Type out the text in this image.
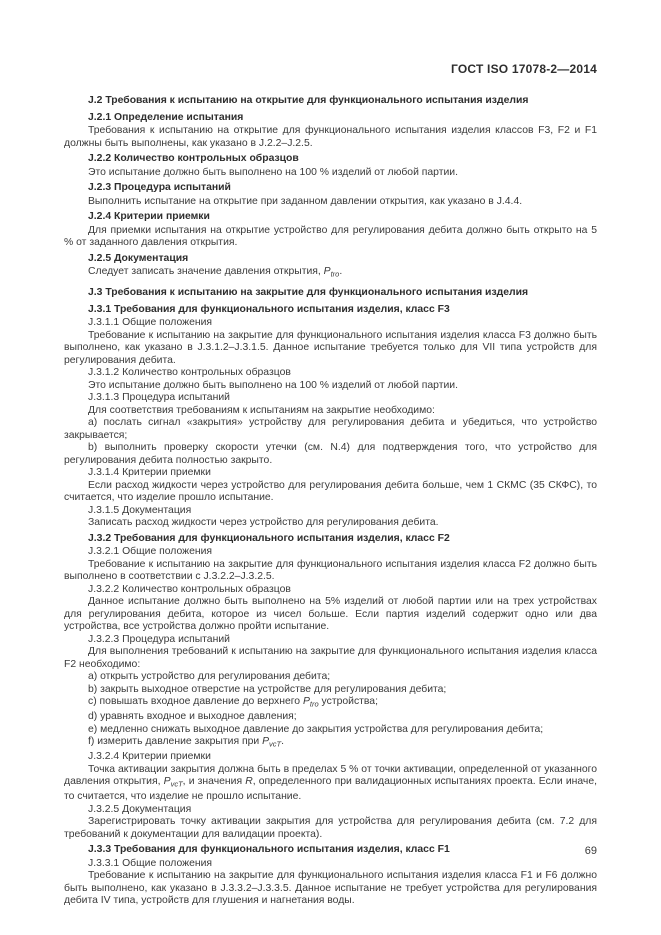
ГОСТ ISO 17078-2—2014

J.2 Требования к испытанию на открытие для функционального испытания изделия

J.2.1 Определение испытания

Требования к испытанию на открытие для функционального испытания изделия классов F3, F2 и F1 должны быть выполнены, как указано в J.2.2–J.2.5.

J.2.2 Количество контрольных образцов

Это испытание должно быть выполнено на 100 % изделий от любой партии.

J.2.3 Процедура испытаний

Выполнить испытание на открытие при заданном давлении открытия, как указано в J.4.4.

J.2.4 Критерии приемки

Для приемки испытания на открытие устройство для регулирования дебита должно быть открыто на 5 % от заданного давления открытия.

J.2.5 Документация

Следует записать значение давления открытия, $P_{tro}$.

J.3 Требования к испытанию на закрытие для функционального испытания изделия

J.3.1 Требования для функционального испытания изделия, класс F3

J.3.1.1 Общие положения

Требование к испытанию на закрытие для функционального испытания изделия класса F3 должно быть выполнено, как указано в J.3.1.2–J.3.1.5. Данное испытание требуется только для VII типа устройств для регулирования дебита.

J.3.1.2 Количество контрольных образцов

Это испытание должно быть выполнено на 100 % изделий от любой партии.

J.3.1.3 Процедура испытаний

Для соответствия требованиям к испытаниям на закрытие необходимо:

a) послать сигнал «закрытия» устройству для регулирования дебита и убедиться, что устройство закрывается;

b) выполнить проверку скорости утечки (см. N.4) для подтверждения того, что устройство для регулирования дебита полностью закрыто.

J.3.1.4 Критерии приемки

Если расход жидкости через устройство для регулирования дебита больше, чем 1 СКМС (35 СКФС), то считается, что изделие прошло испытание.

J.3.1.5 Документация

Записать расход жидкости через устройство для регулирования дебита.

J.3.2 Требования для функционального испытания изделия, класс F2

J.3.2.1 Общие положения

Требование к испытанию на закрытие для функционального испытания изделия класса F2 должно быть выполнено в соответствии с J.3.2.2–J.3.2.5.

J.3.2.2 Количество контрольных образцов

Данное испытание должно быть выполнено на 5% изделий от любой партии или на трех устройствах для регулирования дебита, которое из чисел больше. Если партия изделий содержит одно или два устройства, все устройства должно пройти испытание.

J.3.2.3 Процедура испытаний

Для выполнения требований к испытанию на закрытие для функционального испытания изделия класса F2 необходимо:

a) открыть устройство для регулирования дебита;

b) закрыть выходное отверстие на устройстве для регулирования дебита;

c) повышать входное давление до верхнего $P_{tro}$ устройства;

d) уравнять входное и выходное давления;

e) медленно снижать выходное давление до закрытия устройства для регулирования дебита;

f) измерить давление закрытия при $P_{vcT}$.

J.3.2.4 Критерии приемки

Точка активации закрытия должна быть в пределах 5 % от точки активации, определенной от указанного давления открытия, $P_{vcT}$, и значения R, определенного при валидационных испытаниях проекта. Если иначе, то считается, что изделие не прошло испытание.

J.3.2.5 Документация

Зарегистрировать точку активации закрытия для устройства для регулирования дебита (см. 7.2 для требований к документации для валидации проекта).

J.3.3 Требования для функционального испытания изделия, класс F1

J.3.3.1 Общие положения

Требование к испытанию на закрытие для функционального испытания изделия класса F1 и F6 должно быть выполнено, как указано в J.3.3.2–J.3.3.5. Данное испытание не требует устройства для регулирования дебита IV типа, устройств для глушения и нагнетания воды.

69
